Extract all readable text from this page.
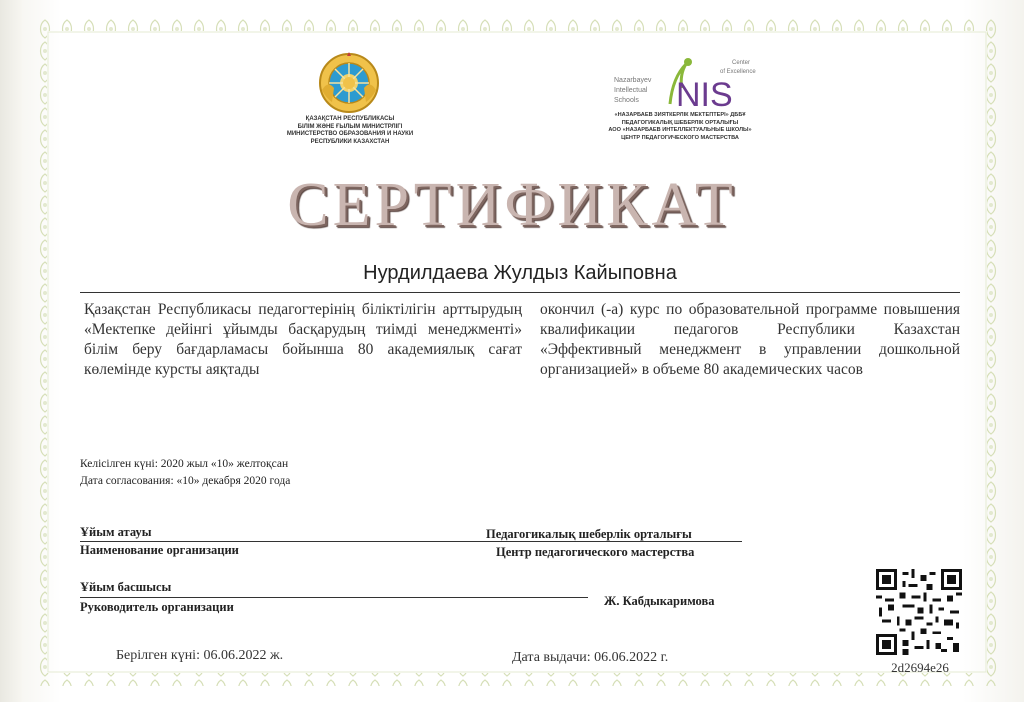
ҚАЗАҚСТАН РЕСПУБЛИКАСЫ
БІЛІМ ЖӘНЕ ҒЫЛЫМ МИНИСТРЛІГІ
МИНИСТЕРСТВО ОБРАЗОВАНИЯ И НАУКИ
РЕСПУБЛИКИ КАЗАХСТАН
Nazarbayev
Intellectual
Schools NIS
Center
of Excellence
«НАЗАРБАЕВ ЗИЯТКЕРЛІК МЕКТЕПТЕРІ» ДББҰ
ПЕДАГОГИКАЛЫҚ ШЕБЕРЛІК ОРТАЛЫҒЫ
АОО «НАЗАРБАЕВ ИНТЕЛЛЕКТУАЛЬНЫЕ ШКОЛЫ»
ЦЕНТР ПЕДАГОГИЧЕСКОГО МАСТЕРСТВА
СЕРТИФИКАТ
Нурдилдаева Жулдыз Кайыповна
Қазақстан Республикасы педагогтерінің біліктілігін арттырудың «Мектепке дейінгі ұйымды басқарудың тиімді менеджменті» білім беру бағдарламасы бойынша 80 академиялық сағат көлемінде курсты аяқтады
окончил (-а) курс по образовательной программе повышения квалификации педагогов Республики Казахстан «Эффективный менеджмент в управлении дошкольной организацией» в объеме 80 академических часов
Келісілген күні: 2020 жыл «10» желтоқсан
Дата согласования: «10» декабря 2020 года
Ұйым атауы	Педагогикалық шеберлік орталығы
Наименование организации	Центр педагогического мастерства
Ұйым басшысы
Руководитель организации	Ж. Кабдыкаримова
Берілген күні: 06.06.2022 ж.	Дата выдачи: 06.06.2022 г.
2d2694e26
